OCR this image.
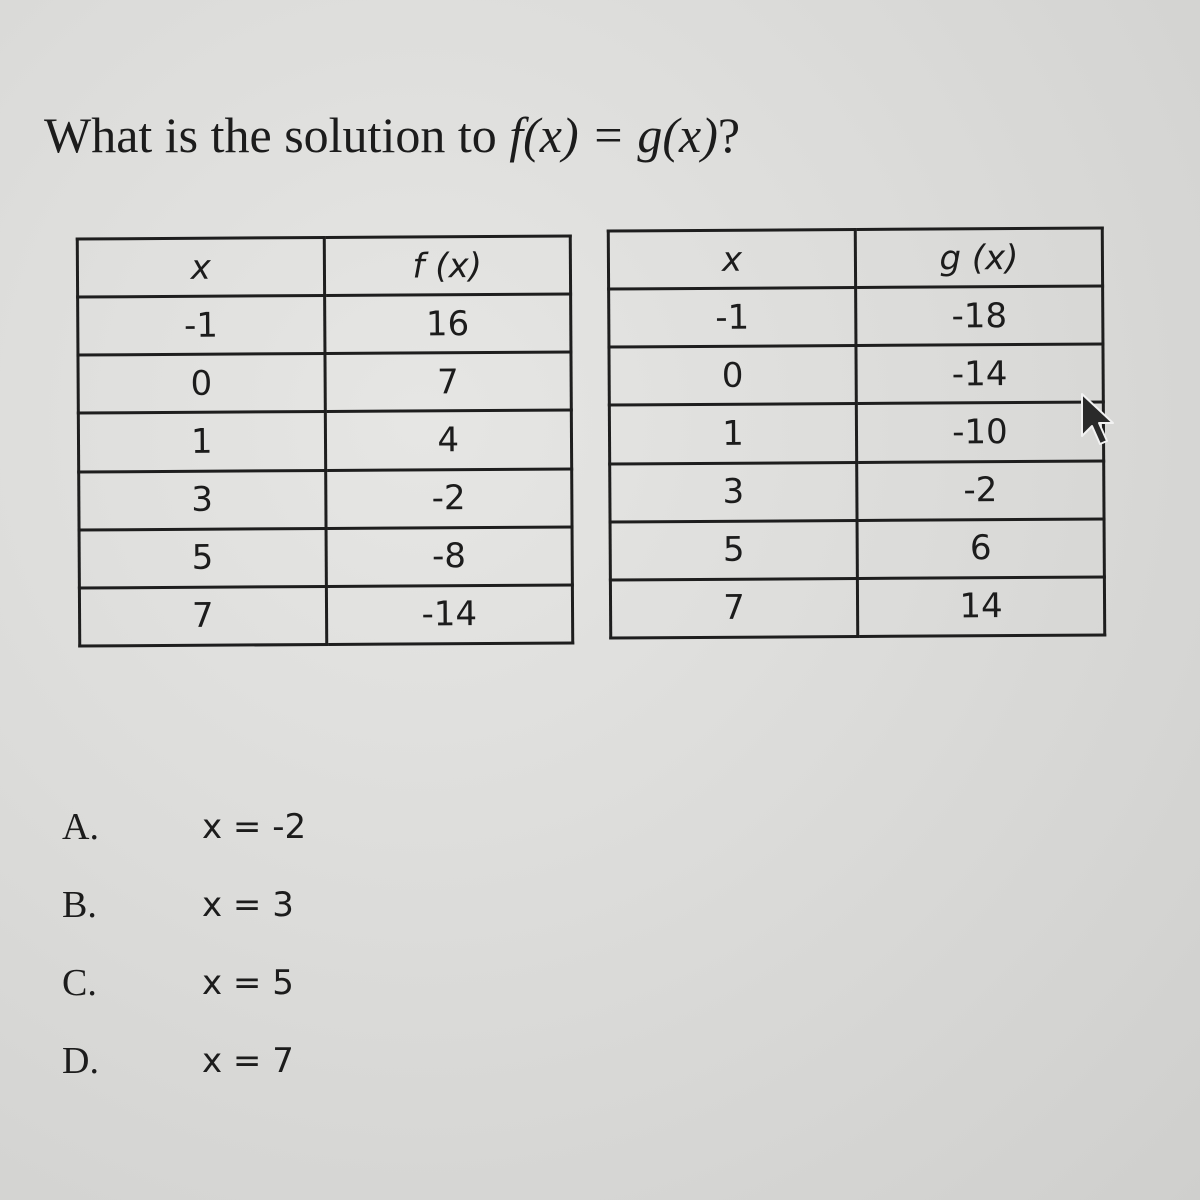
What is the solution to f(x) = g(x)?
x	f (x)
-1	16
0	7
1	4
3	-2
5	-8
7	-14
x	g (x)
-1	-18
0	-14
1	-10
3	-2
5	6
7	14
A.	x = -2
B.	x = 3
C.	x = 5
D.	x = 7
